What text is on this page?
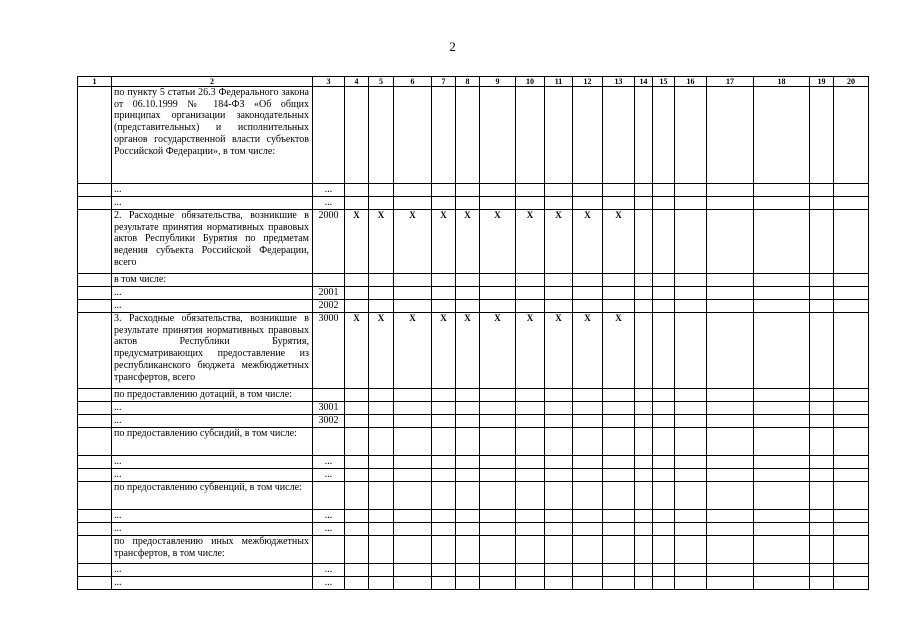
2
1	2	3	4	5	6	7	8	9	10	11	12	13	14	15	16	17	18	19	20
	по пункту 5 статьи 26.3 Федерального закона от 06.10.1999 № 184-ФЗ «Об общих принципах организации законодательных (представительных) и исполнительных органов государственной власти субъектов Российской Федерации», в том числе:																		
	...	...																	
	...	...																	
	2. Расходные обязательства, возникшие в результате принятия нормативных правовых актов Республики Бурятия по предметам ведения субъекта Российской Федерации, всего	2000	X	X	X	X	X	X	X	X	X	X							
	в том числе:																		
	...	2001																	
	...	2002																	
	3. Расходные обязательства, возникшие в результате принятия нормативных правовых актов Республики Бурятия, предусматривающих предоставление из республиканского бюджета межбюджетных трансфертов, всего	3000	X	X	X	X	X	X	X	X	X	X							
	по предоставлению дотаций, в том числе:																		
	...	3001																	
	...	3002																	
	по предоставлению субсидий, в том числе:																		
	...	...																	
	...	...																	
	по предоставлению субвенций, в том числе:																		
	...	...																	
	...	...																	
	по предоставлению иных межбюджетных трансфертов, в том числе:																		
	...	...																	
	...	...																	
